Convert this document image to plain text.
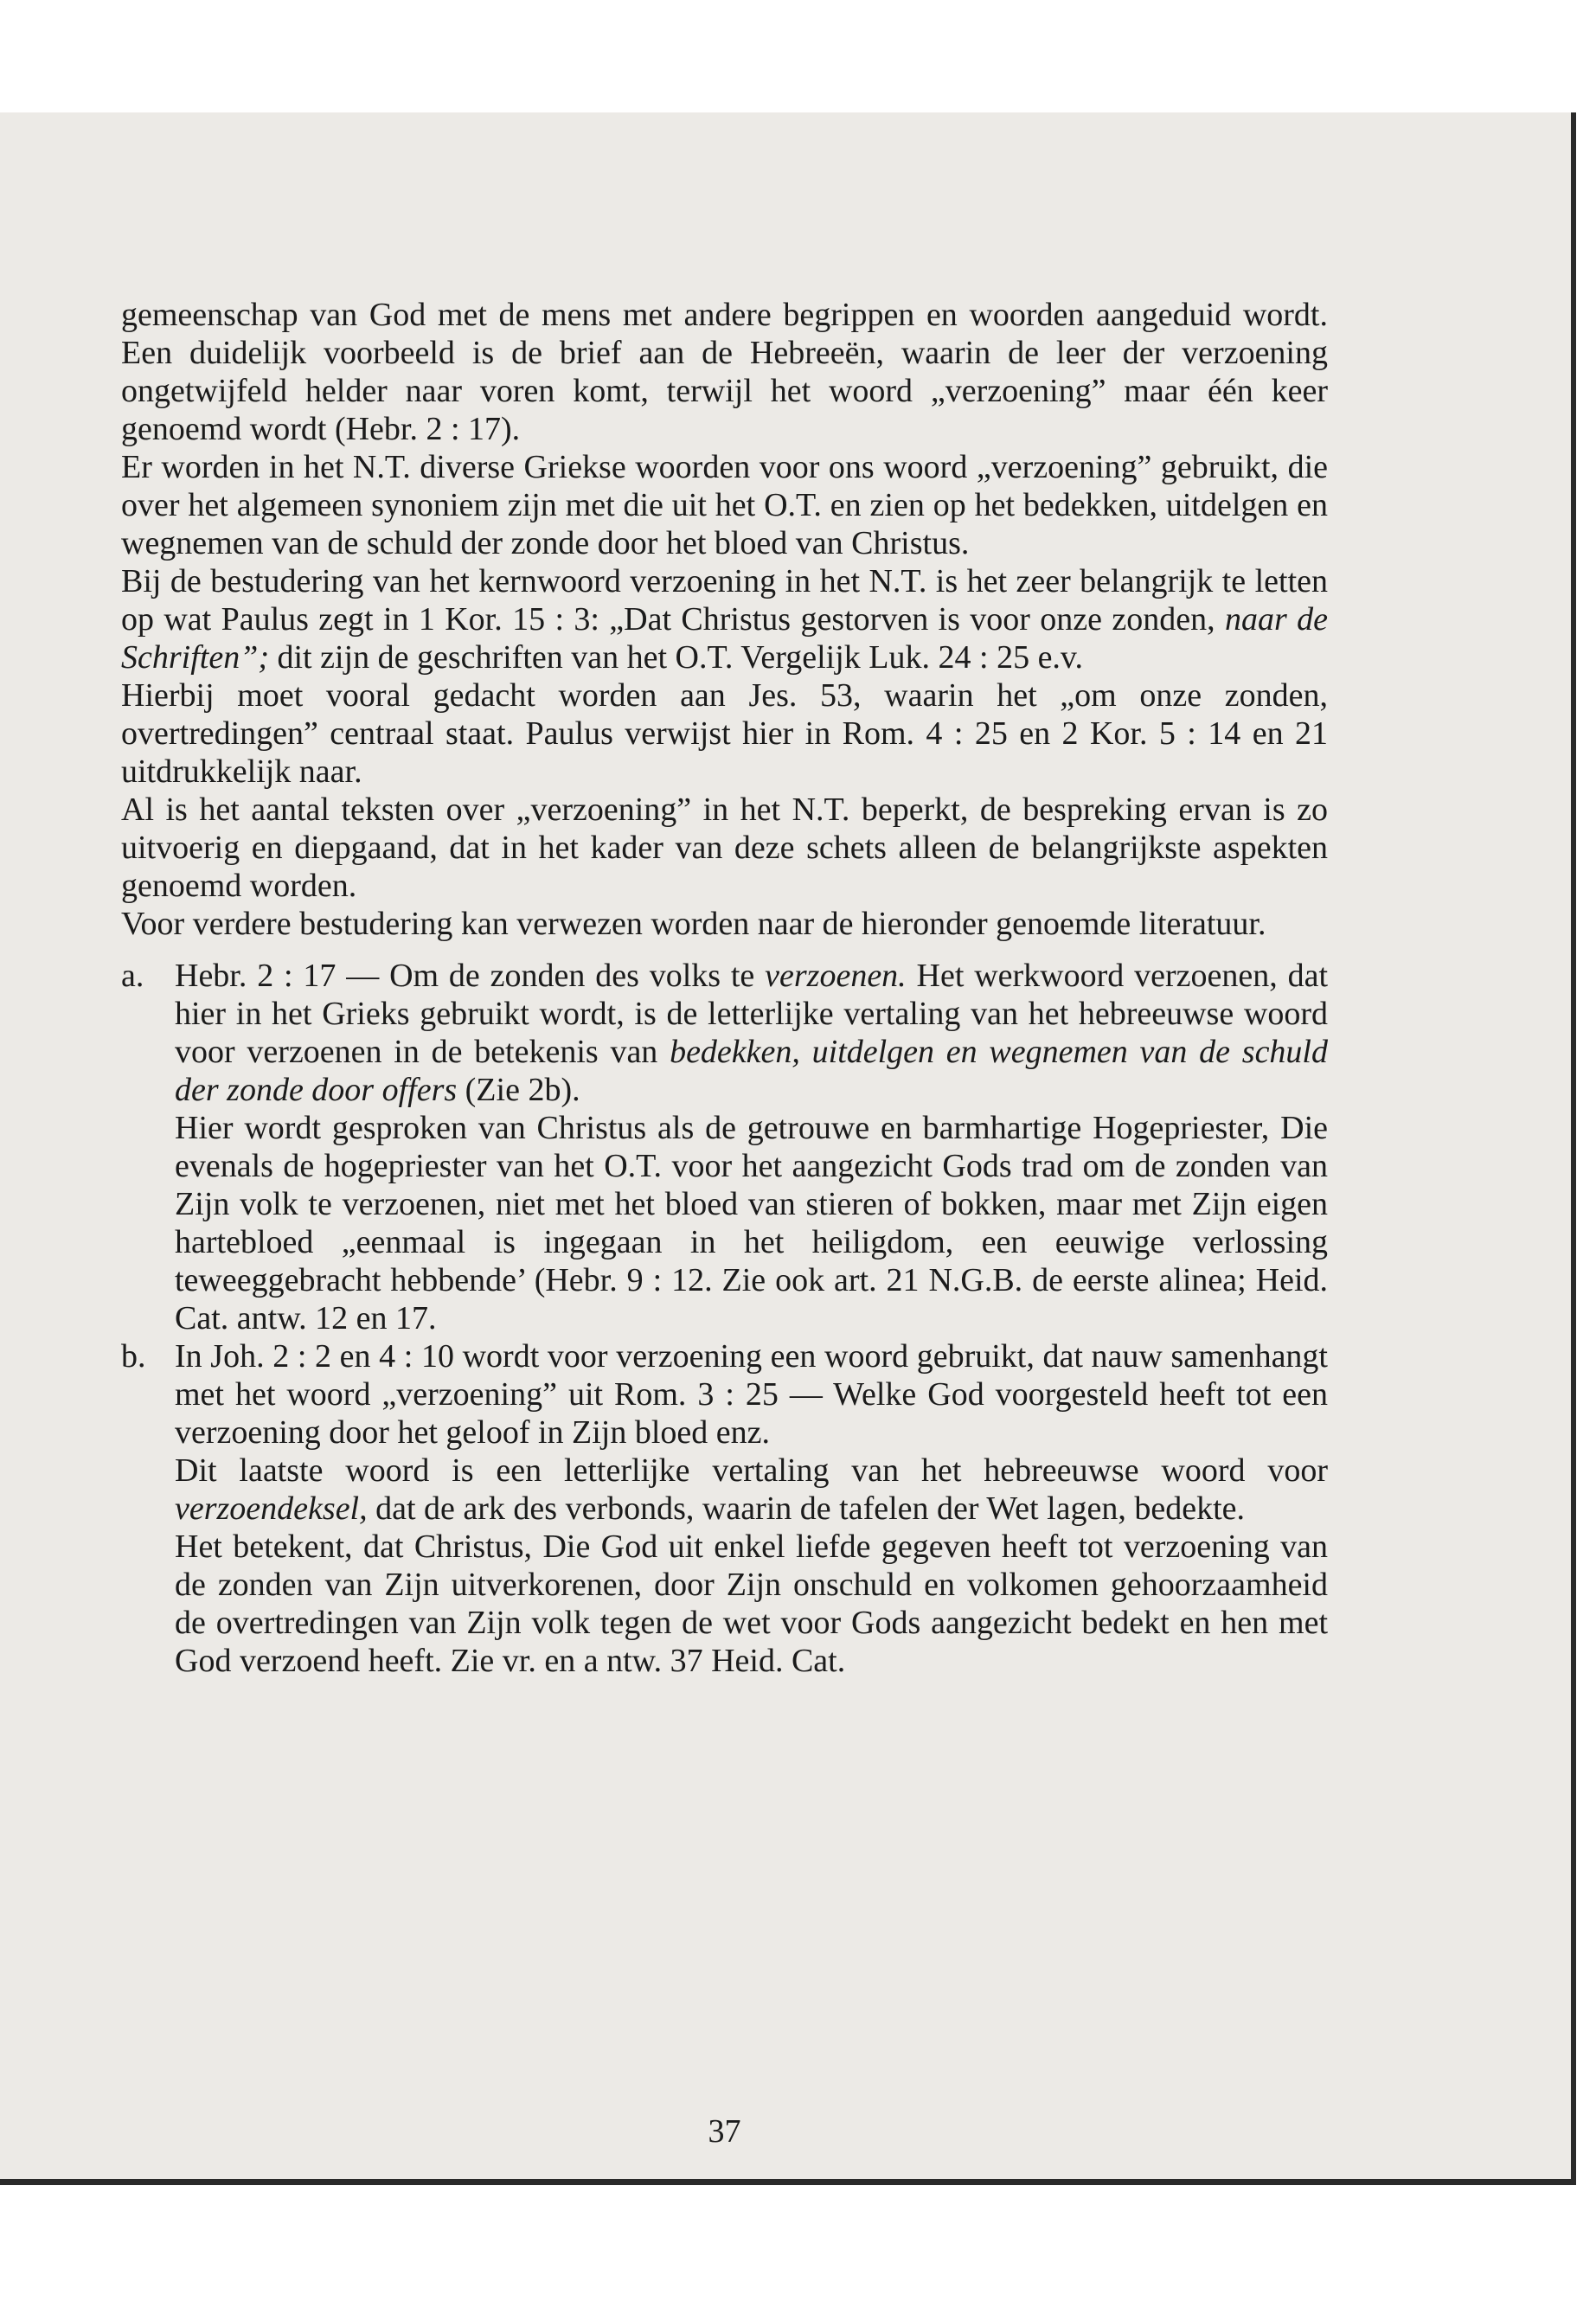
gemeenschap van God met de mens met andere begrippen en woorden aangeduid wordt. Een duidelijk voorbeeld is de brief aan de Hebreeën, waarin de leer der verzoening ongetwijfeld helder naar voren komt, terwijl het woord „verzoening” maar één keer genoemd wordt (Hebr. 2 : 17).

Er worden in het N.T. diverse Griekse woorden voor ons woord „verzoening” gebruikt, die over het algemeen synoniem zijn met die uit het O.T. en zien op het bedekken, uitdelgen en wegnemen van de schuld der zonde door het bloed van Christus.

Bij de bestudering van het kernwoord verzoening in het N.T. is het zeer belangrijk te letten op wat Paulus zegt in 1 Kor. 15 : 3: „Dat Christus gestorven is voor onze zonden, naar de Schriften”; dit zijn de geschriften van het O.T. Vergelijk Luk. 24 : 25 e.v.

Hierbij moet vooral gedacht worden aan Jes. 53, waarin het „om onze zonden, overtredingen” centraal staat. Paulus verwijst hier in Rom. 4 : 25 en 2 Kor. 5 : 14 en 21 uitdrukkelijk naar.

Al is het aantal teksten over „verzoening” in het N.T. beperkt, de bespreking ervan is zo uitvoerig en diepgaand, dat in het kader van deze schets alleen de belangrijkste aspekten genoemd worden.

Voor verdere bestudering kan verwezen worden naar de hieronder genoemde literatuur.

a. Hebr. 2 : 17 — Om de zonden des volks te verzoenen. Het werkwoord verzoenen, dat hier in het Grieks gebruikt wordt, is de letterlijke vertaling van het hebreeuwse woord voor verzoenen in de betekenis van bedekken, uitdelgen en wegnemen van de schuld der zonde door offers (Zie 2b).

Hier wordt gesproken van Christus als de getrouwe en barmhartige Hogepriester, Die evenals de hogepriester van het O.T. voor het aangezicht Gods trad om de zonden van Zijn volk te verzoenen, niet met het bloed van stieren of bokken, maar met Zijn eigen hartebloed „eenmaal is ingegaan in het heiligdom, een eeuwige verlossing teweeggebracht hebbende’ (Hebr. 9 : 12. Zie ook art. 21 N.G.B. de eerste alinea; Heid. Cat. antw. 12 en 17.

b. In Joh. 2 : 2 en 4 : 10 wordt voor verzoening een woord gebruikt, dat nauw samenhangt met het woord „verzoening” uit Rom. 3 : 25 — Welke God voorgesteld heeft tot een verzoening door het geloof in Zijn bloed enz.

Dit laatste woord is een letterlijke vertaling van het hebreeuwse woord voor verzoendeksel, dat de ark des verbonds, waarin de tafelen der Wet lagen, bedekte.

Het betekent, dat Christus, Die God uit enkel liefde gegeven heeft tot verzoening van de zonden van Zijn uitverkorenen, door Zijn onschuld en volkomen gehoorzaamheid de overtredingen van Zijn volk tegen de wet voor Gods aangezicht bedekt en hen met God verzoend heeft. Zie vr. en a ntw. 37 Heid. Cat.

37
